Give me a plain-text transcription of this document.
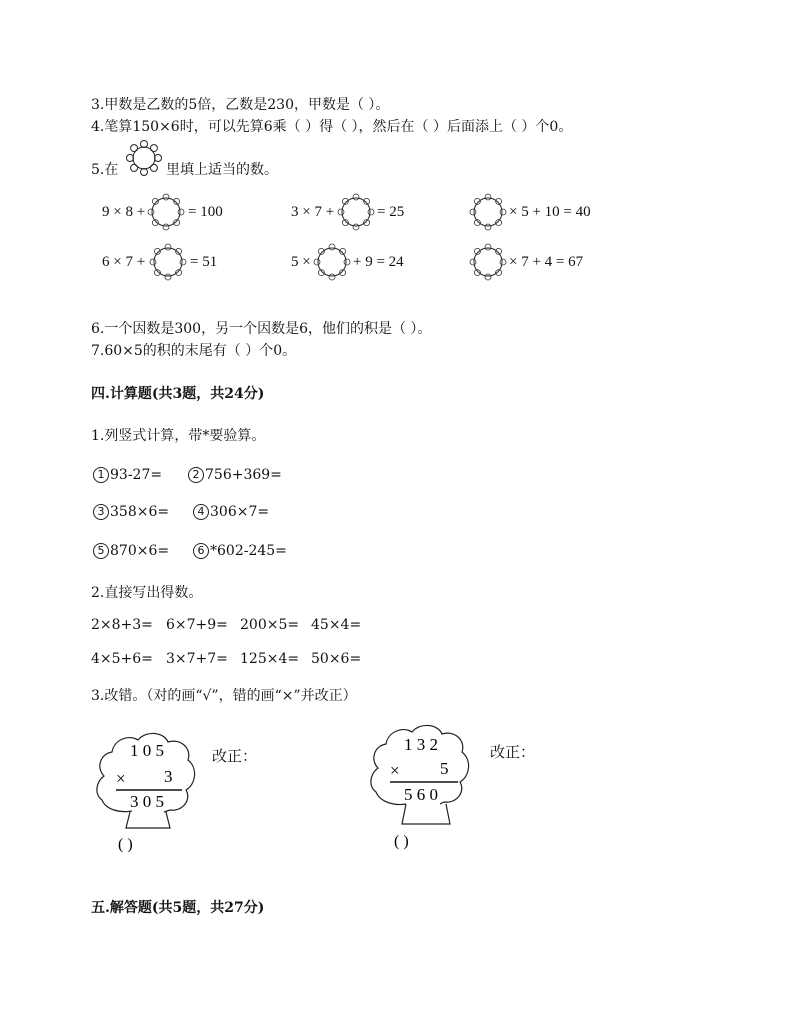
3.甲数是乙数的5倍，乙数是230，甲数是（ ）。
4.笔算150×6时，可以先算6乘（ ）得（ ），然后在（ ）后面添上（ ）个0。
5.在	里填上适当的数。
9 × 8 +	= 100	3 × 7 +	= 25	× 5 + 10 = 40
6 × 7 +	= 51	5 ×	+ 9 = 24	× 7 + 4 = 67
6.一个因数是300，另一个因数是6，他们的积是（ ）。
7.60×5的积的末尾有（ ）个0。
四.计算题(共3题，共24分)
1.列竖式计算，带*要验算。
1 93-27=	2 756+369=
3 358×6=	4 306×7=
5 870×6=	6 *602-245=
2.直接写出得数。
2×8+3= 6×7+9= 200×5= 45×4=
4×5+6= 3×7+7= 125×4= 50×6=
3.改错。（对的画“√”，错的画“×”并改正）
1 0 5
× 3
3 0 5
( )
改正：
1 3 2
× 5
5 6 0
( )
改正：
五.解答题(共5题，共27分)
